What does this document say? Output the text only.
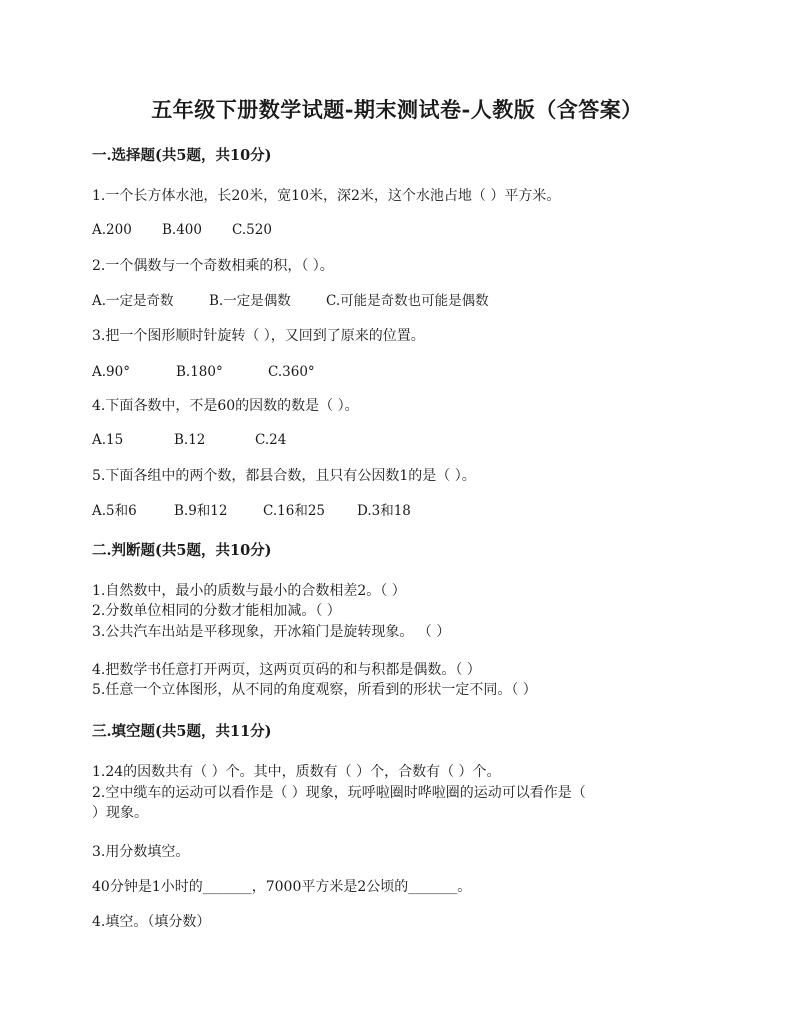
五年级下册数学试题-期末测试卷-人教版（含答案）
一.选择题(共5题，共10分)
1.一个长方体水池，长20米，宽10米，深2米，这个水池占地（ ）平方米。
A.200 B.400 C.520
2.一个偶数与一个奇数相乘的积，（ ）。
A.一定是奇数	B.一定是偶数	C.可能是奇数也可能是偶数
3.把一个图形顺时针旋转（ ），又回到了原来的位置。
A.90°	B.180°	C.360°
4.下面各数中，不是60的因数的数是（ ）。
A.15	B.12	C.24
5.下面各组中的两个数，都县合数，且只有公因数1的是（ ）。
A.5和6	B.9和12	C.16和25 D.3和18
二.判断题(共5题，共10分)
1.自然数中，最小的质数与最小的合数相差2。（ ）
2.分数单位相同的分数才能相加减。（ ）
3.公共汽车出站是平移现象，开冰箱门是旋转现象。 （ ）
4.把数学书任意打开两页，这两页页码的和与积都是偶数。（ ）
5.任意一个立体图形，从不同的角度观察，所看到的形状一定不同。（ ）
三.填空题(共5题，共11分)
1.24的因数共有（ ）个。其中，质数有（ ）个，合数有（ ）个。
2.空中缆车的运动可以看作是（ ）现象，玩呼啦圈时哗啦圈的运动可以看作是（
）现象。
3.用分数填空。
40分钟是1小时的_______，7000平方米是2公顷的_______。
4.填空。（填分数）
